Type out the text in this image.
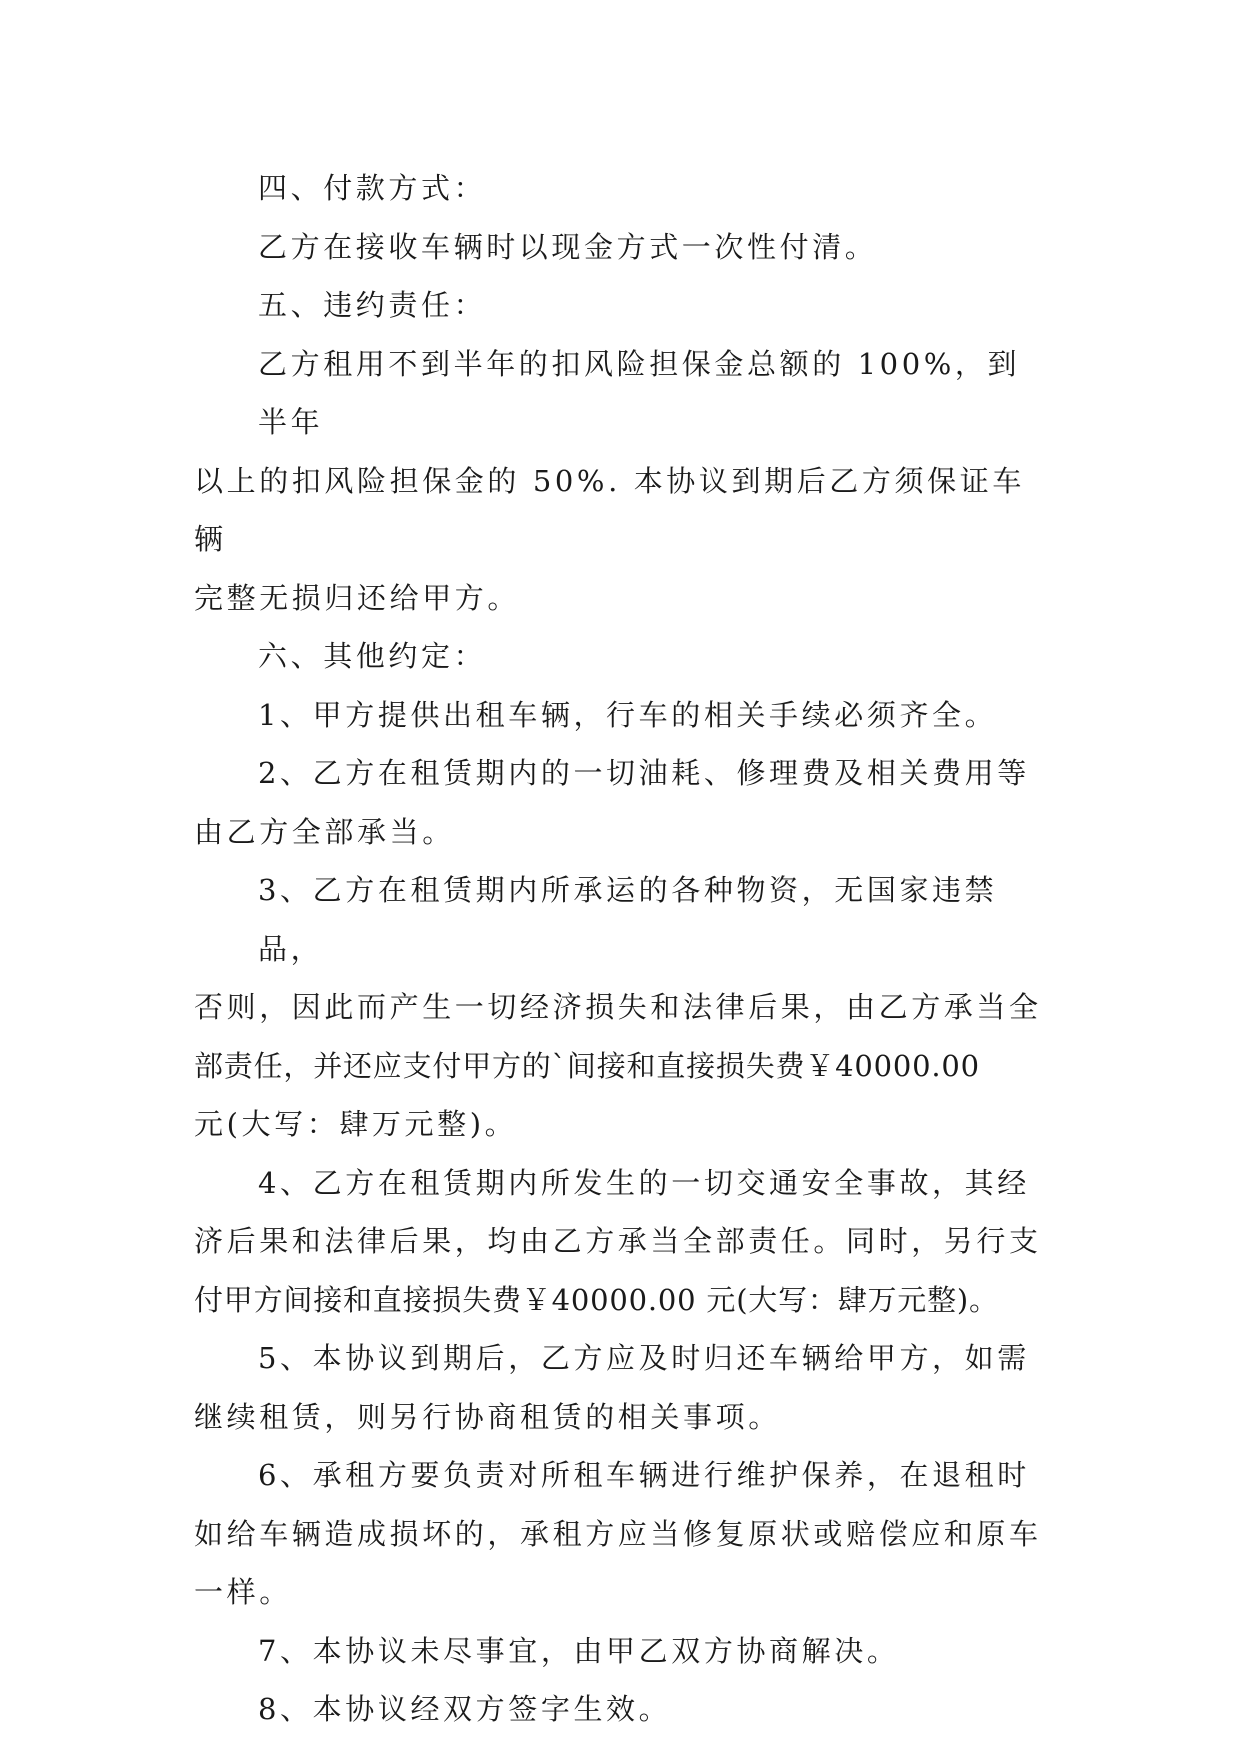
四、付款方式：

乙方在接收车辆时以现金方式一次性付清。

五、违约责任：

乙方租用不到半年的扣风险担保金总额的 100%，到半年
以上的扣风险担保金的 50%. 本协议到期后乙方须保证车辆
完整无损归还给甲方。

六、其他约定：

1、甲方提供出租车辆，行车的相关手续必须齐全。

2、乙方在租赁期内的一切油耗、修理费及相关费用等
由乙方全部承当。

3、乙方在租赁期内所承运的各种物资，无国家违禁品，
否则，因此而产生一切经济损失和法律后果，由乙方承当全
部责任，并还应支付甲方的`间接和直接损失费￥40000.00
元(大写：肆万元整)。

4、乙方在租赁期内所发生的一切交通安全事故，其经
济后果和法律后果，均由乙方承当全部责任。同时，另行支
付甲方间接和直接损失费￥40000.00 元(大写：肆万元整)。

5、本协议到期后，乙方应及时归还车辆给甲方，如需
继续租赁，则另行协商租赁的相关事项。

6、承租方要负责对所租车辆进行维护保养，在退租时
如给车辆造成损坏的，承租方应当修复原状或赔偿应和原车
一样。

7、本协议未尽事宜，由甲乙双方协商解决。

8、本协议经双方签字生效。
